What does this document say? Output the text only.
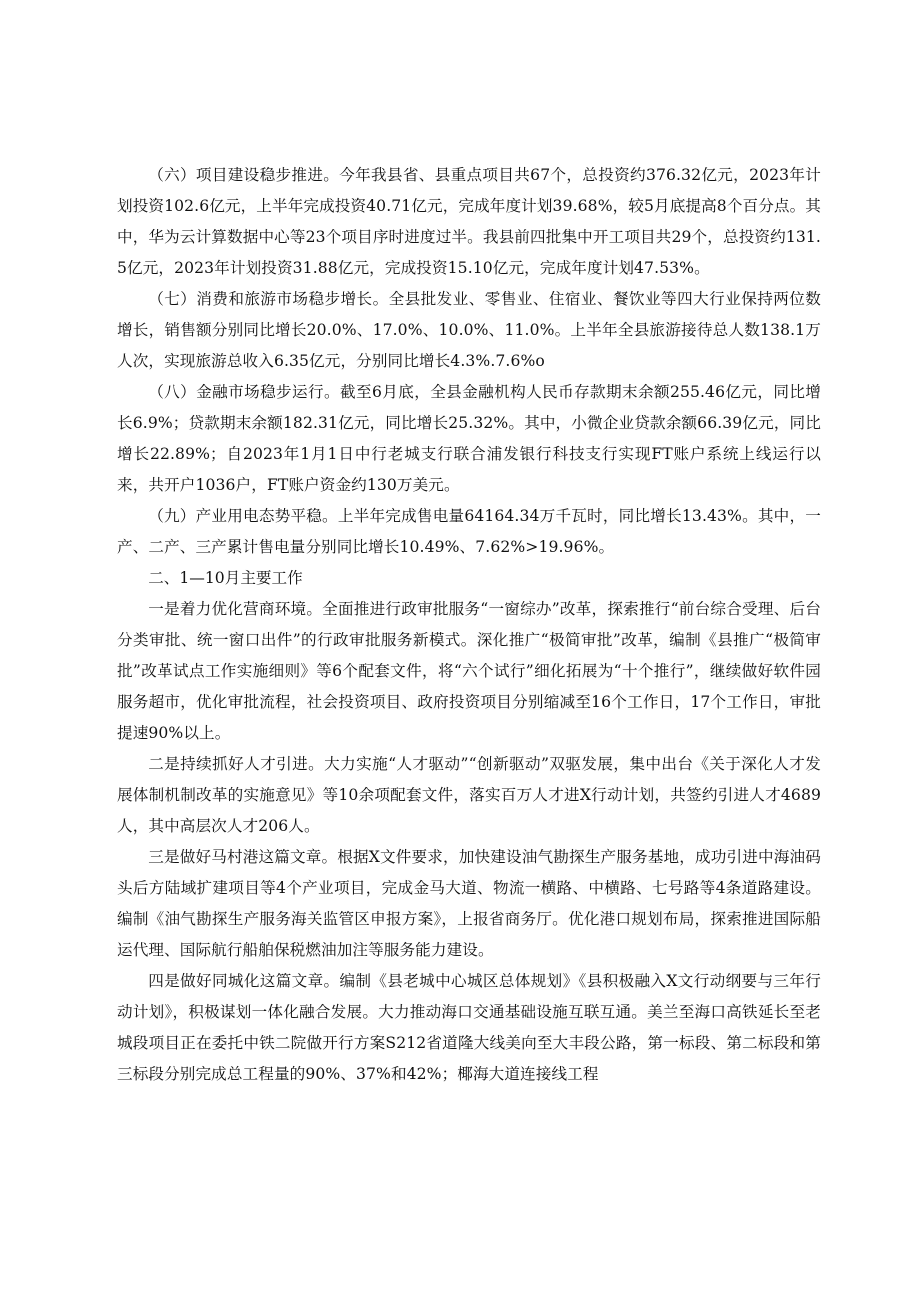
（六）项目建设稳步推进。今年我县省、县重点项目共67个，总投资约376.32亿元，2023年计划投资102.6亿元，上半年完成投资40.71亿元，完成年度计划39.68%，较5月底提高8个百分点。其中，华为云计算数据中心等23个项目序时进度过半。我县前四批集中开工项目共29个，总投资约131.5亿元，2023年计划投资31.88亿元，完成投资15.10亿元，完成年度计划47.53%。

（七）消费和旅游市场稳步增长。全县批发业、零售业、住宿业、餐饮业等四大行业保持两位数增长，销售额分别同比增长20.0%、17.0%、10.0%、11.0%。上半年全县旅游接待总人数138.1万人次，实现旅游总收入6.35亿元，分别同比增长4.3%.7.6%o

（八）金融市场稳步运行。截至6月底，全县金融机构人民币存款期末余额255.46亿元，同比增长6.9%；贷款期末余额182.31亿元，同比增长25.32%。其中，小微企业贷款余额66.39亿元，同比增长22.89%；自2023年1月1日中行老城支行联合浦发银行科技支行实现FT账户系统上线运行以来，共开户1036户，FT账户资金约130万美元。

（九）产业用电态势平稳。上半年完成售电量64164.34万千瓦时，同比增长13.43%。其中，一产、二产、三产累计售电量分别同比增长10.49%、7.62%>19.96%。

二、1—10月主要工作

一是着力优化营商环境。全面推进行政审批服务“一窗综办”改革，探索推行“前台综合受理、后台分类审批、统一窗口出件”的行政审批服务新模式。深化推广“极简审批”改革，编制《县推广“极简审批”改革试点工作实施细则》等6个配套文件，将“六个试行”细化拓展为“十个推行”，继续做好软件园服务超市，优化审批流程，社会投资项目、政府投资项目分别缩减至16个工作日，17个工作日，审批提速90%以上。

二是持续抓好人才引进。大力实施“人才驱动”“创新驱动”双驱发展，集中出台《关于深化人才发展体制机制改革的实施意见》等10余项配套文件，落实百万人才进X行动计划，共签约引进人才4689人，其中高层次人才206人。

三是做好马村港这篇文章。根据X文件要求，加快建设油气勘探生产服务基地，成功引进中海油码头后方陆域扩建项目等4个产业项目，完成金马大道、物流一横路、中横路、七号路等4条道路建设。编制《油气勘探生产服务海关监管区申报方案》，上报省商务厅。优化港口规划布局，探索推进国际船运代理、国际航行船舶保税燃油加注等服务能力建设。

四是做好同城化这篇文章。编制《县老城中心城区总体规划》《县积极融入X文行动纲要与三年行动计划》，积极谋划一体化融合发展。大力推动海口交通基础设施互联互通。美兰至海口高铁延长至老城段项目正在委托中铁二院做开行方案S212省道隆大线美向至大丰段公路，第一标段、第二标段和第三标段分别完成总工程量的90%、37%和42%；椰海大道连接线工程
